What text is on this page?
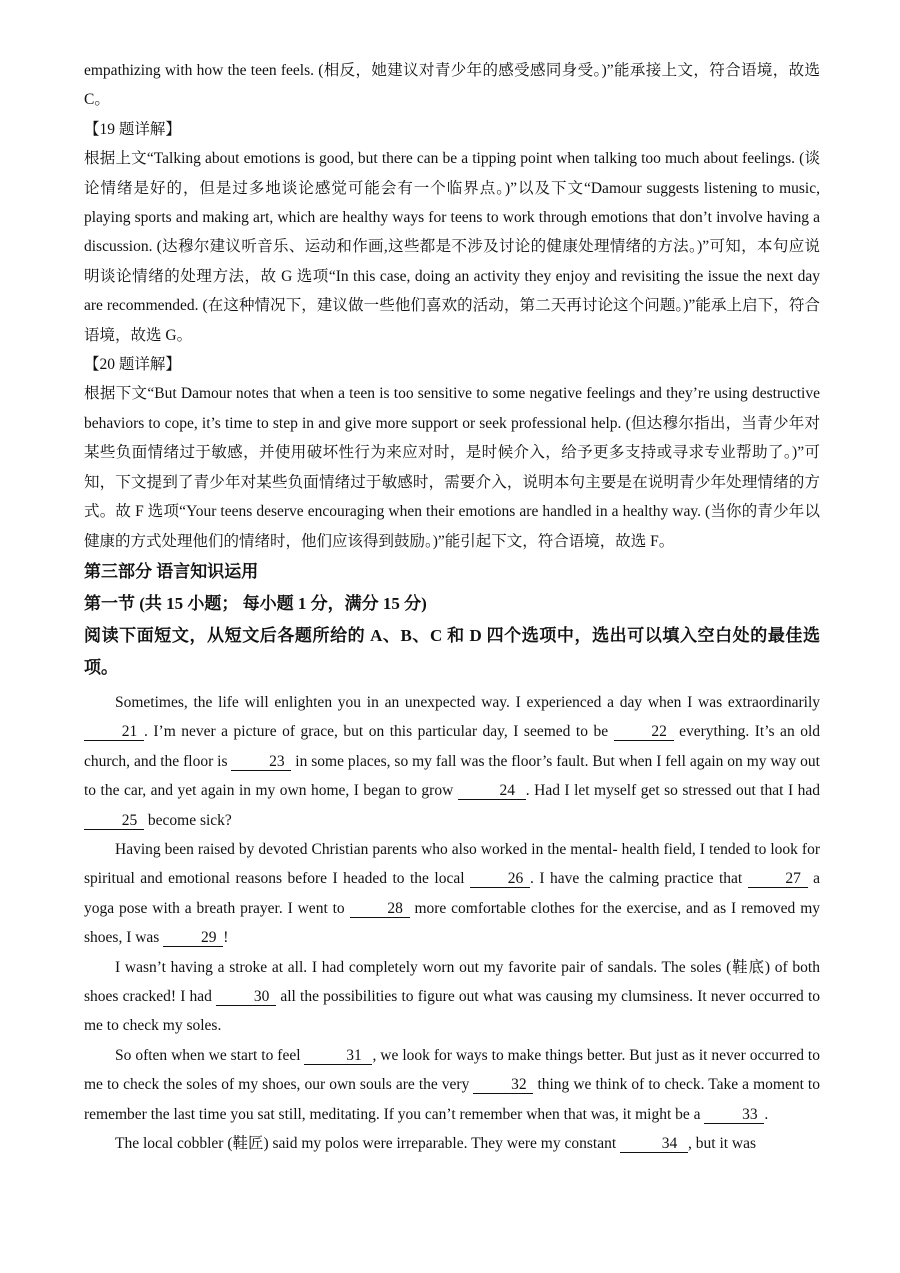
empathizing with how the teen feels. (相反，她建议对青少年的感受感同身受。)”能承接上文，符合语境，故选 C。

【19 题详解】

根据上文“Talking about emotions is good, but there can be a tipping point when talking too much about feelings. (谈论情绪是好的，但是过多地谈论感觉可能会有一个临界点。)”以及下文“Damour suggests listening to music, playing sports and making art, which are healthy ways for teens to work through emotions that don’t involve having a discussion. (达穆尔建议听音乐、运动和作画,这些都是不涉及讨论的健康处理情绪的方法。)”可知，本句应说明谈论情绪的处理方法，故 G 选项“In this case, doing an activity they enjoy and revisiting the issue the next day are recommended. (在这种情况下，建议做一些他们喜欢的活动，第二天再讨论这个问题。)”能承上启下，符合语境，故选 G。

【20 题详解】

根据下文“But Damour notes that when a teen is too sensitive to some negative feelings and they’re using destructive behaviors to cope, it’s time to step in and give more support or seek professional help. (但达穆尔指出，当青少年对某些负面情绪过于敏感，并使用破坏性行为来应对时，是时候介入，给予更多支持或寻求专业帮助了。)”可知，下文提到了青少年对某些负面情绪过于敏感时，需要介入，说明本句主要是在说明青少年处理情绪的方式。故 F 选项“Your teens deserve encouraging when their emotions are handled in a healthy way. (当你的青少年以健康的方式处理他们的情绪时，他们应该得到鼓励。)”能引起下文，符合语境，故选 F。

第三部分 语言知识运用

第一节 (共 15 小题； 每小题 1 分，满分 15 分)

阅读下面短文，从短文后各题所给的 A、B、C 和 D 四个选项中，选出可以填入空白处的最佳选项。

Sometimes, the life will enlighten you in an unexpected way. I experienced a day when I was extraordinarily 21 . I’m never a picture of grace, but on this particular day, I seemed to be 22 everything. It’s an old church, and the floor is 23 in some places, so my fall was the floor’s fault. But when I fell again on my way out to the car, and yet again in my own home, I began to grow	24 . Had I let myself get so stressed out that I had 25 become sick?

Having been raised by devoted Christian parents who also worked in the mental- health field, I tended to look for spiritual and emotional reasons before I headed to the local 26 . I have the calming practice that 27 a yoga pose with a breath prayer. I went to 28 more comfortable clothes for the exercise, and as I removed my shoes, I was 29 !

I wasn’t having a stroke at all. I had completely worn out my favorite pair of sandals. The soles (鞋底) of both shoes cracked! I had 30 all the possibilities to figure out what was causing my clumsiness. It never occurred to me to check my soles.

So often when we start to feel	31 , we look for ways to make things better. But just as it never occurred to me to check the soles of my shoes, our own souls are the very 32 thing we think of to check. Take a moment to remember the last time you sat still, meditating. If you can’t remember when that was, it might be a 33 .

The local cobbler (鞋匠) said my polos were irreparable. They were my constant	34 , but it was
